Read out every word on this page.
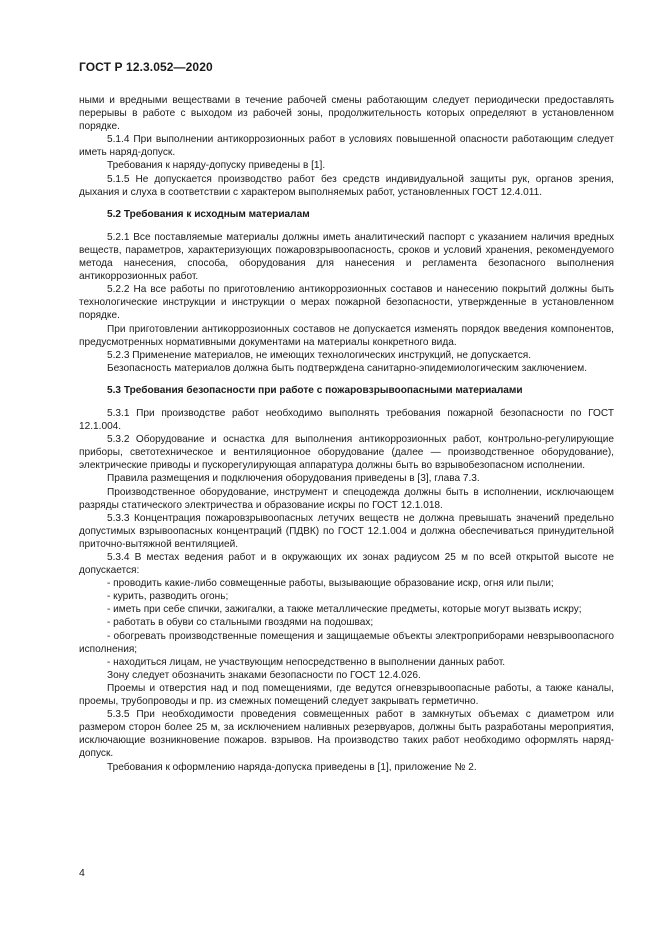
ГОСТ Р 12.3.052—2020

ными и вредными веществами в течение рабочей смены работающим следует периодически предоставлять перерывы в работе с выходом из рабочей зоны, продолжительность которых определяют в установленном порядке.

5.1.4 При выполнении антикоррозионных работ в условиях повышенной опасности работающим следует иметь наряд-допуск.

Требования к наряду-допуску приведены в [1].

5.1.5 Не допускается производство работ без средств индивидуальной защиты рук, органов зрения, дыхания и слуха в соответствии с характером выполняемых работ, установленных ГОСТ 12.4.011.

5.2 Требования к исходным материалам

5.2.1 Все поставляемые материалы должны иметь аналитический паспорт с указанием наличия вредных веществ, параметров, характеризующих пожаровзрывоопасность, сроков и условий хранения, рекомендуемого метода нанесения, способа, оборудования для нанесения и регламента безопасного выполнения антикоррозионных работ.

5.2.2 На все работы по приготовлению антикоррозионных составов и нанесению покрытий должны быть технологические инструкции и инструкции о мерах пожарной безопасности, утвержденные в установленном порядке.

При приготовлении антикоррозионных составов не допускается изменять порядок введения компонентов, предусмотренных нормативными документами на материалы конкретного вида.

5.2.3 Применение материалов, не имеющих технологических инструкций, не допускается.

Безопасность материалов должна быть подтверждена санитарно-эпидемиологическим заключением.

5.3 Требования безопасности при работе с пожаровзрывоопасными материалами

5.3.1 При производстве работ необходимо выполнять требования пожарной безопасности по ГОСТ 12.1.004.

5.3.2 Оборудование и оснастка для выполнения антикоррозионных работ, контрольно-регулирующие приборы, светотехническое и вентиляционное оборудование (далее — производственное оборудование), электрические приводы и пускорегулирующая аппаратура должны быть во взрывобезопасном исполнении.

Правила размещения и подключения оборудования приведены в [3], глава 7.3.

Производственное оборудование, инструмент и спецодежда должны быть в исполнении, исключающем разряды статического электричества и образование искры по ГОСТ 12.1.018.

5.3.3 Концентрация пожаровзрывоопасных летучих веществ не должна превышать значений предельно допустимых взрывоопасных концентраций (ПДВК) по ГОСТ 12.1.004 и должна обеспечиваться принудительной приточно-вытяжной вентиляцией.

5.3.4 В местах ведения работ и в окружающих их зонах радиусом 25 м по всей открытой высоте не допускается:

- проводить какие-либо совмещенные работы, вызывающие образование искр, огня или пыли;

- курить, разводить огонь;

- иметь при себе спички, зажигалки, а также металлические предметы, которые могут вызвать искру;

- работать в обуви со стальными гвоздями на подошвах;

- обогревать производственные помещения и защищаемые объекты электроприборами невзрывоопасного исполнения;

- находиться лицам, не участвующим непосредственно в выполнении данных работ.

Зону следует обозначить знаками безопасности по ГОСТ 12.4.026.

Проемы и отверстия над и под помещениями, где ведутся огневзрывоопасные работы, а также каналы, проемы, трубопроводы и пр. из смежных помещений следует закрывать герметично.

5.3.5 При необходимости проведения совмещенных работ в замкнутых объемах с диаметром или размером сторон более 25 м, за исключением наливных резервуаров, должны быть разработаны мероприятия, исключающие возникновение пожаров. взрывов. На производство таких работ необходимо оформлять наряд-допуск.

Требования к оформлению наряда-допуска приведены в [1], приложение № 2.

4
